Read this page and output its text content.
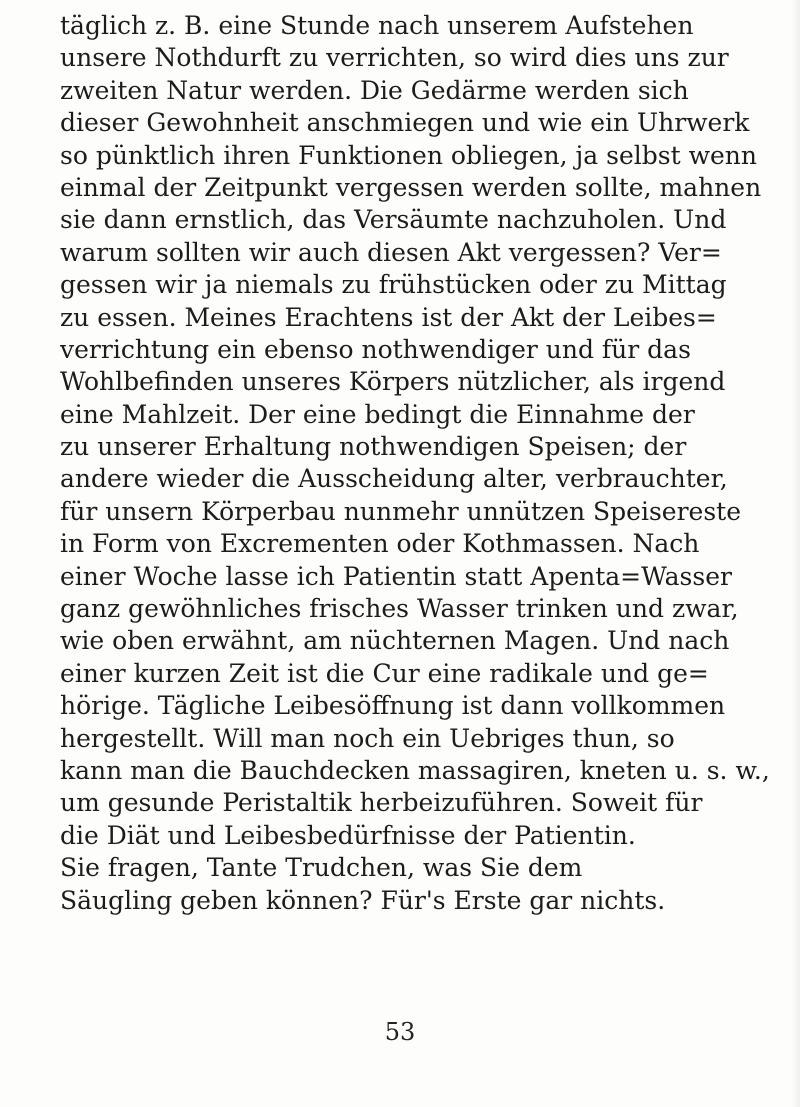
täglich z. B. eine Stunde nach unserem Aufstehen
unsere Nothdurft zu verrichten, so wird dies uns zur
zweiten Natur werden. Die Gedärme werden sich
dieser Gewohnheit anschmiegen und wie ein Uhrwerk
so pünktlich ihren Funktionen obliegen, ja selbst wenn
einmal der Zeitpunkt vergessen werden sollte, mahnen
sie dann ernstlich, das Versäumte nachzuholen. Und
warum sollten wir auch diesen Akt vergessen? Ver=
gessen wir ja niemals zu frühstücken oder zu Mittag
zu essen. Meines Erachtens ist der Akt der Leibes=
verrichtung ein ebenso nothwendiger und für das
Wohlbefinden unseres Körpers nützlicher, als irgend
eine Mahlzeit. Der eine bedingt die Einnahme der
zu unserer Erhaltung nothwendigen Speisen; der
andere wieder die Ausscheidung alter, verbrauchter,
für unsern Körperbau nunmehr unnützen Speisereste
in Form von Excrementen oder Kothmassen. Nach
einer Woche lasse ich Patientin statt Apenta=Wasser
ganz gewöhnliches frisches Wasser trinken und zwar,
wie oben erwähnt, am nüchternen Magen. Und nach
einer kurzen Zeit ist die Cur eine radikale und ge=
hörige. Tägliche Leibesöffnung ist dann vollkommen
hergestellt. Will man noch ein Uebriges thun, so
kann man die Bauchdecken massagiren, kneten u. s. w.,
um gesunde Peristaltik herbeizuführen. Soweit für
die Diät und Leibesbedürfnisse der Patientin.
Sie fragen, Tante Trudchen, was Sie dem
Säugling geben können? Für's Erste gar nichts.
53
